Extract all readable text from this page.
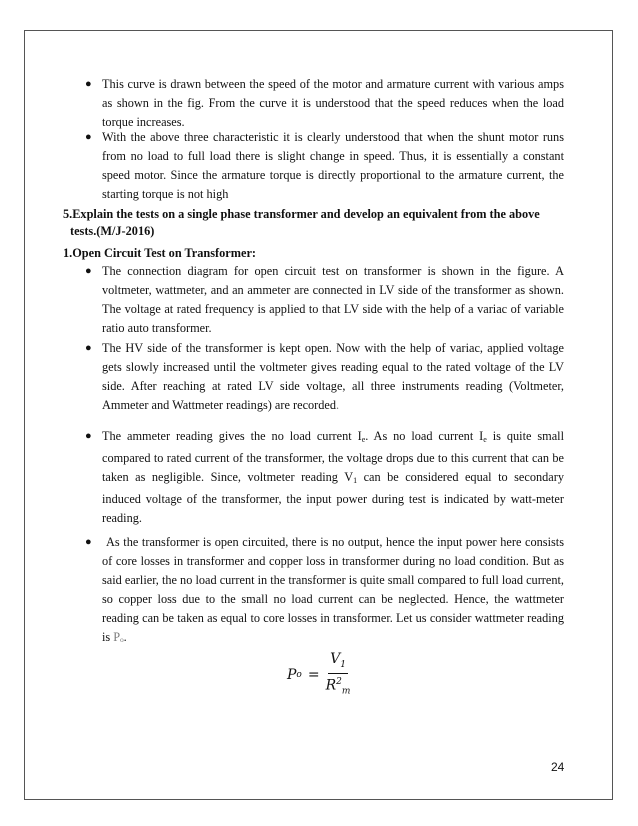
● This curve is drawn between the speed of the motor and armature current with various amps as shown in the fig. From the curve it is understood that the speed reduces when the load torque increases.
● With the above three characteristic it is clearly understood that when the shunt motor runs from no load to full load there is slight change in speed. Thus, it is essentially a constant speed motor. Since the armature torque is directly proportional to the armature current, the starting torque is not high
5.Explain the tests on a single phase transformer and develop an equivalent from the above
tests.(M/J-2016)
1.Open Circuit Test on Transformer:
● The connection diagram for open circuit test on transformer is shown in the figure. A voltmeter, wattmeter, and an ammeter are connected in LV side of the transformer as shown. The voltage at rated frequency is applied to that LV side with the help of a variac of variable ratio auto transformer.
● The HV side of the transformer is kept open. Now with the help of variac, applied voltage gets slowly increased until the voltmeter gives reading equal to the rated voltage of the LV side. After reaching at rated LV side voltage, all three instruments reading (Voltmeter, Ammeter and Wattmeter readings) are recorded.
● The ammeter reading gives the no load current $I_e$. As no load current $I_e$ is quite small compared to rated current of the transformer, the voltage drops due to this current that can be taken as negligible. Since, voltmeter reading $V_1$ can be considered equal to secondary induced voltage of the transformer, the input power during test is indicated by watt-meter reading.
● As the transformer is open circuited, there is no output, hence the input power here consists of core losses in transformer and copper loss in transformer during no load condition. But as said earlier, the no load current in the transformer is quite small compared to full load current, so copper loss due to the small no load current can be neglected. Hence, the wattmeter reading can be taken as equal to core losses in transformer. Let us consider wattmeter reading is Pₒ.
P $o = \frac{V_1}{R^2_m}$
24
